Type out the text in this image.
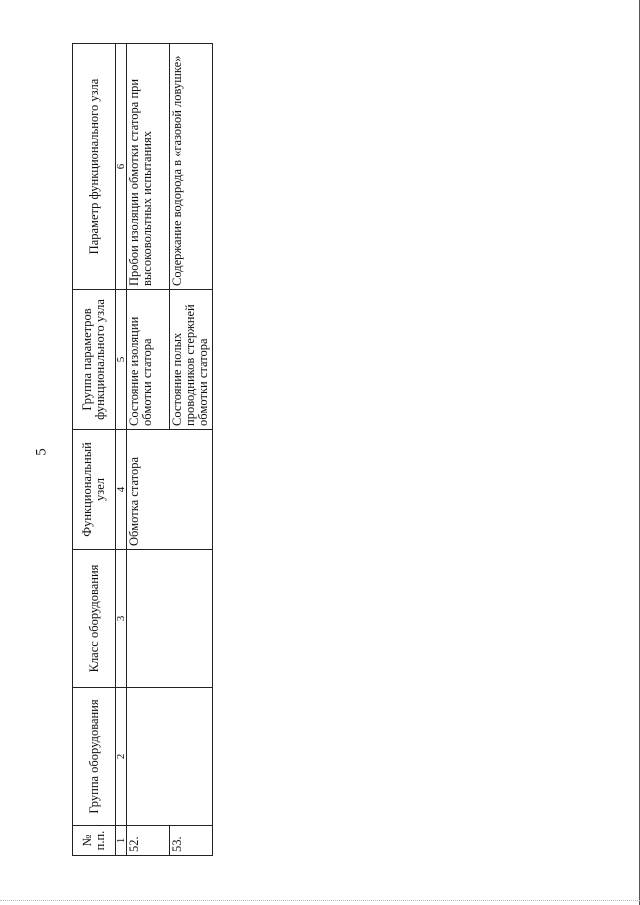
5
№ п.п.	Группа оборудования	Класс оборудования	Функциональный узел	Группа параметров функционального узла	Параметр функционального узла
1	2	3	4	5	6
52.			Обмотка статора	Состояние изоляции обмотки статора	Пробои изоляции обмотки статора при высоковольтных испытаниях
53.				Состояние полых проводников стержней обмотки статора	Содержание водорода в «газовой ловушке»
